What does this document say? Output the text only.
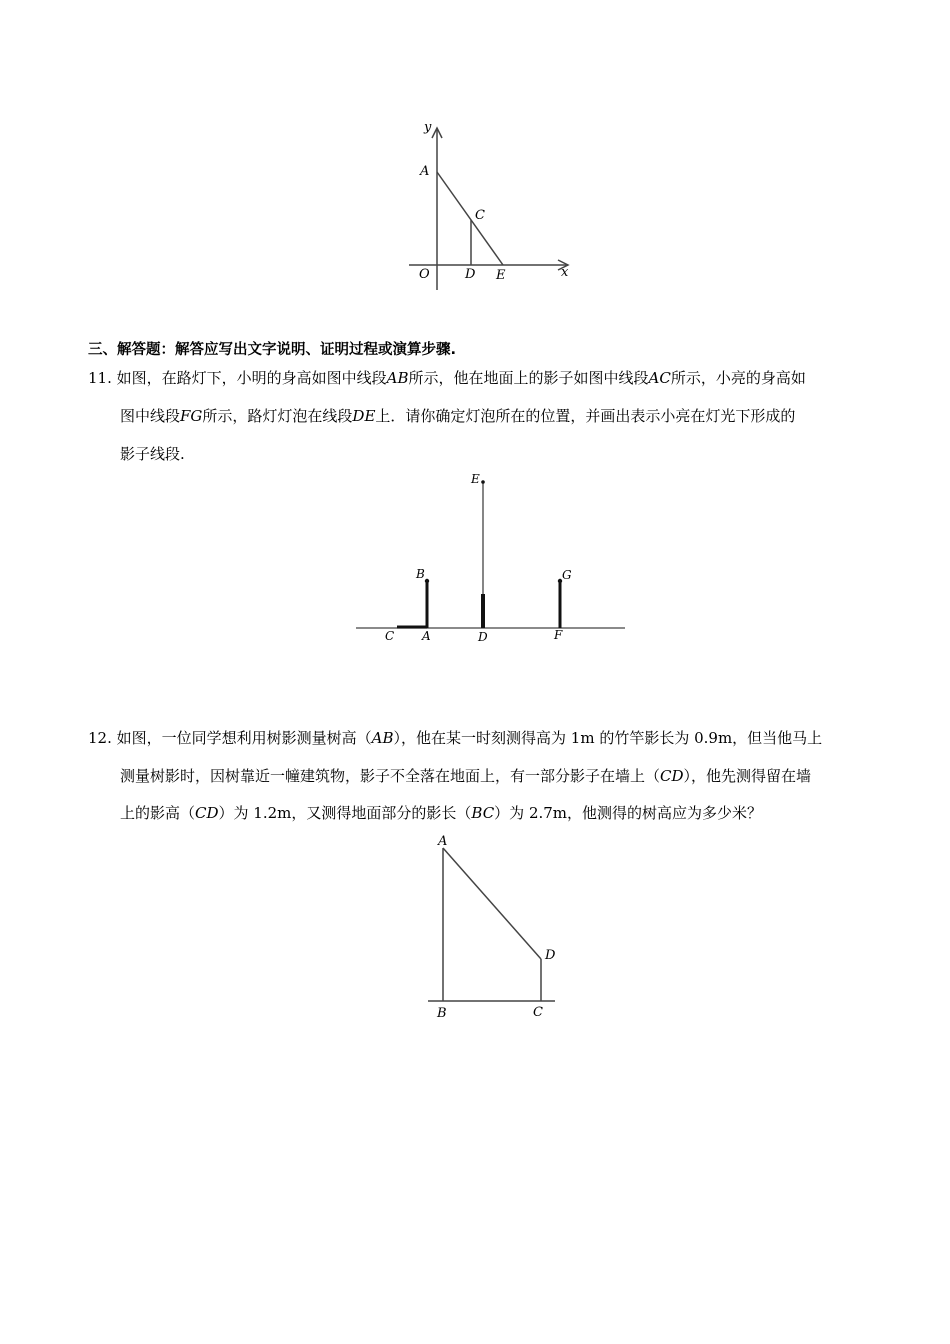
y
A
C
O	D E	x
三、解答题：解答应写出文字说明、证明过程或演算步骤.
11. 如图，在路灯下，小明的身高如图中线段AB所示，他在地面上的影子如图中线段AC所示，小亮的身高如
图中线段FG所示，路灯灯泡在线段DE上．请你确定灯泡所在的位置，并画出表示小亮在灯光下形成的
影子线段.
E
B	G
C A	D	F
12. 如图，一位同学想利用树影测量树高（AB），他在某一时刻测得高为 1m 的竹竿影长为 0.9m，但当他马上
测量树影时，因树靠近一幢建筑物，影子不全落在地面上，有一部分影子在墙上（CD），他先测得留在墙
上的影高（CD）为 1.2m，又测得地面部分的影长（BC）为 2.7m，他测得的树高应为多少米？
A
D
B	C
